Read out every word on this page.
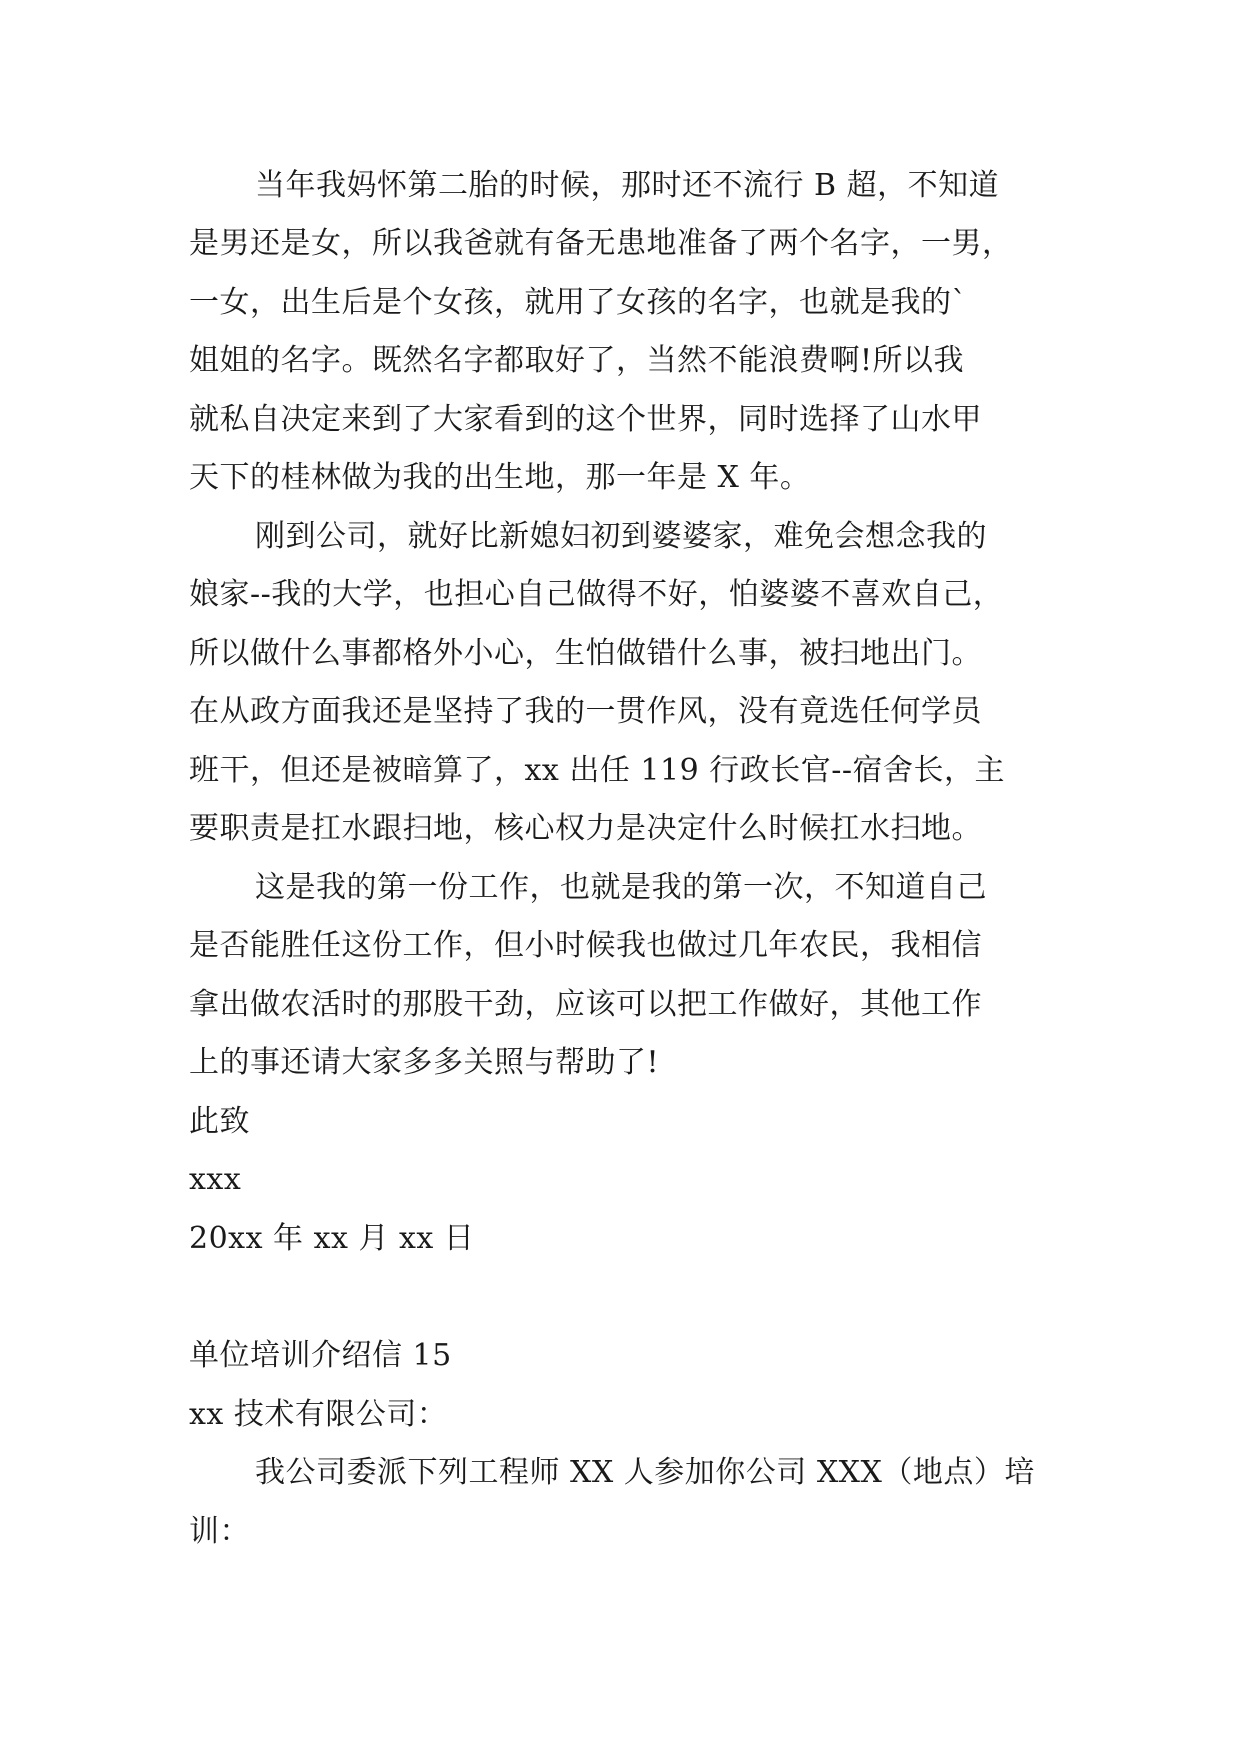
当年我妈怀第二胎的时候，那时还不流行 B 超，不知道
是男还是女，所以我爸就有备无患地准备了两个名字，一男，
一女，出生后是个女孩，就用了女孩的名字，也就是我的`
姐姐的名字。既然名字都取好了，当然不能浪费啊!所以我
就私自决定来到了大家看到的这个世界，同时选择了山水甲
天下的桂林做为我的出生地，那一年是 X 年。
刚到公司，就好比新媳妇初到婆婆家，难免会想念我的
娘家--我的大学，也担心自己做得不好，怕婆婆不喜欢自己，
所以做什么事都格外小心，生怕做错什么事，被扫地出门。
在从政方面我还是坚持了我的一贯作风，没有竟选任何学员
班干，但还是被暗算了，xx 出任 119 行政长官--宿舍长，主
要职责是扛水跟扫地，核心权力是决定什么时候扛水扫地。
这是我的第一份工作，也就是我的第一次，不知道自己
是否能胜任这份工作，但小时候我也做过几年农民，我相信
拿出做农活时的那股干劲，应该可以把工作做好，其他工作
上的事还请大家多多关照与帮助了!
此致
xxx
20xx 年 xx 月 xx 日
单位培训介绍信 15
xx 技术有限公司：
我公司委派下列工程师 XX 人参加你公司 XXX（地点）培
训：
